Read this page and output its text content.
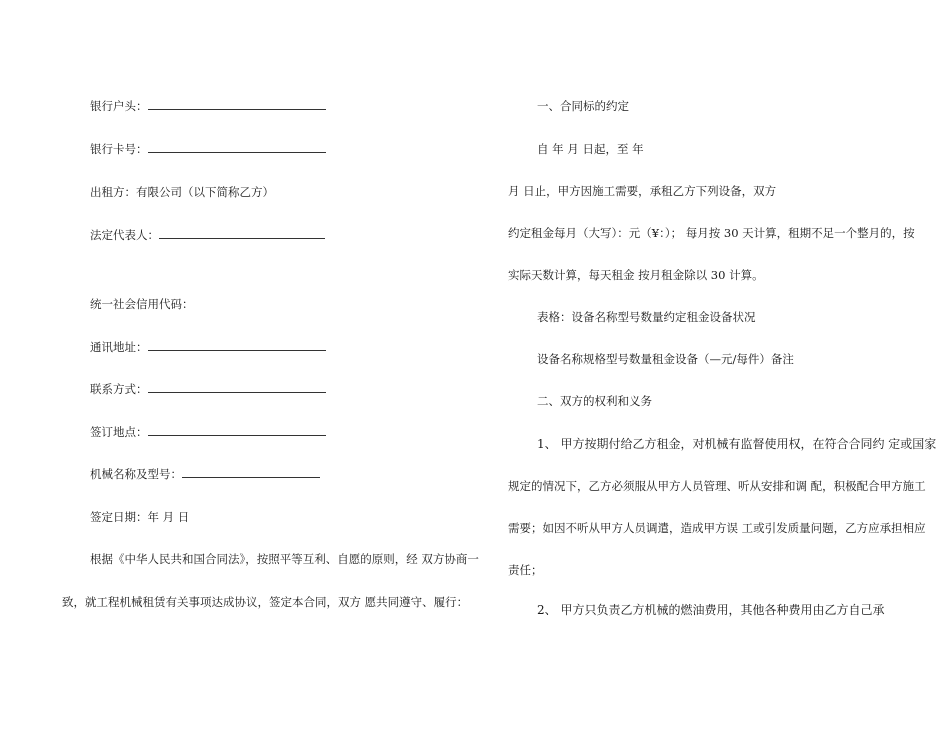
银行户头：
银行卡号：
出租方：有限公司（以下简称乙方）
法定代表人：
统一社会信用代码：
通讯地址：
联系方式：
签订地点：
机械名称及型号：
签定日期：年 月 日
根据《中华人民共和国合同法》，按照平等互利、自愿的原则，经 双方协商一
致，就工程机械租赁有关事项达成协议，签定本合同，双方 愿共同遵守、履行：
一、合同标的约定
自 年 月 日起，至 年
月 日止，甲方因施工需要，承租乙方下列设备，双方
约定租金每月（大写）：元（¥：）； 每月按 30 天计算，租期不足一个整月的，按
实际天数计算，每天租金 按月租金除以 30 计算。
表格：设备名称型号数量约定租金设备状况
设备名称规格型号数量租金设备（—元/每件）备注
二、双方的权利和义务
1、 甲方按期付给乙方租金，对机械有监督使用权，在符合合同约 定或国家
规定的情况下，乙方必须服从甲方人员管理、听从安排和调 配，积极配合甲方施工
需要；如因不听从甲方人员调遣，造成甲方误 工或引发质量问题，乙方应承担相应
责任；
2、 甲方只负责乙方机械的燃油费用，其他各种费用由乙方自己承
